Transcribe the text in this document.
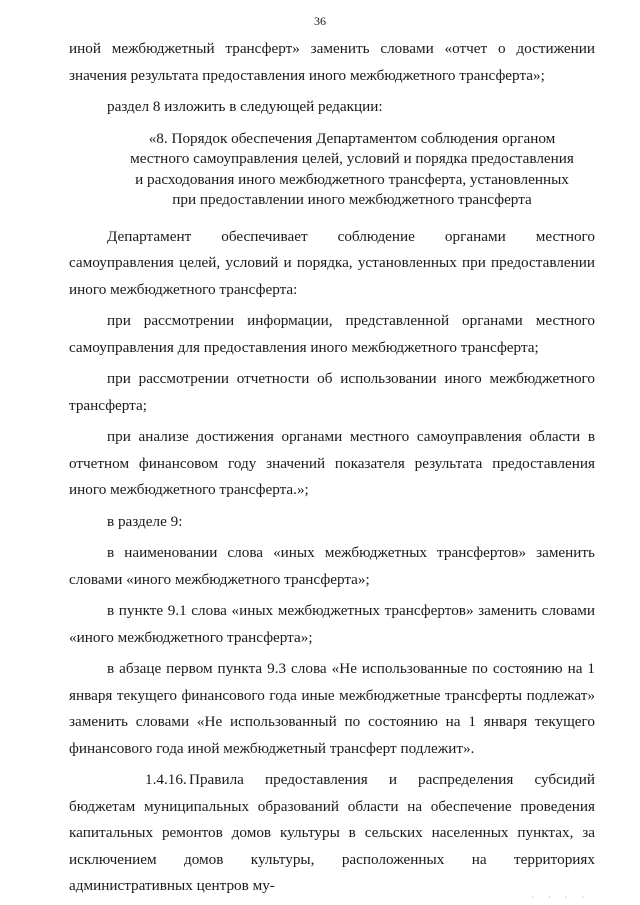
36

иной межбюджетный трансферт» заменить словами «отчет о достижении значения результата предоставления иного межбюджетного трансферта»;

раздел 8 изложить в следующей редакции:

«8. Порядок обеспечения Департаментом соблюдения органом
местного самоуправления целей, условий и порядка предоставления
и расходования иного межбюджетного трансферта, установленных
при предоставлении иного межбюджетного трансферта

Департамент обеспечивает соблюдение органами местного самоуправления целей, условий и порядка, установленных при предоставлении иного межбюджетного трансферта:

при рассмотрении информации, представленной органами местного самоуправления для предоставления иного межбюджетного трансферта;

при рассмотрении отчетности об использовании иного межбюджетного трансферта;

при анализе достижения органами местного самоуправления области в отчетном финансовом году значений показателя результата предоставления иного межбюджетного трансферта.»;

в разделе 9:

в наименовании слова «иных межбюджетных трансфертов» заменить словами «иного межбюджетного трансферта»;

в пункте 9.1 слова «иных межбюджетных трансфертов» заменить словами «иного межбюджетного трансферта»;

в абзаце первом пункта 9.3 слова «Не использованные по состоянию на 1 января текущего финансового года иные межбюджетные трансферты подлежат» заменить словами «Не использованный по состоянию на 1 января текущего финансового года иной межбюджетный трансферт подлежит».

1.4.16. Правила предоставления и распределения субсидий бюджетам муниципальных образований области на обеспечение проведения капитальных ремонтов домов культуры в сельских населенных пунктах, за исключением домов культуры, расположенных на территориях административных центров му-

· · · ·
